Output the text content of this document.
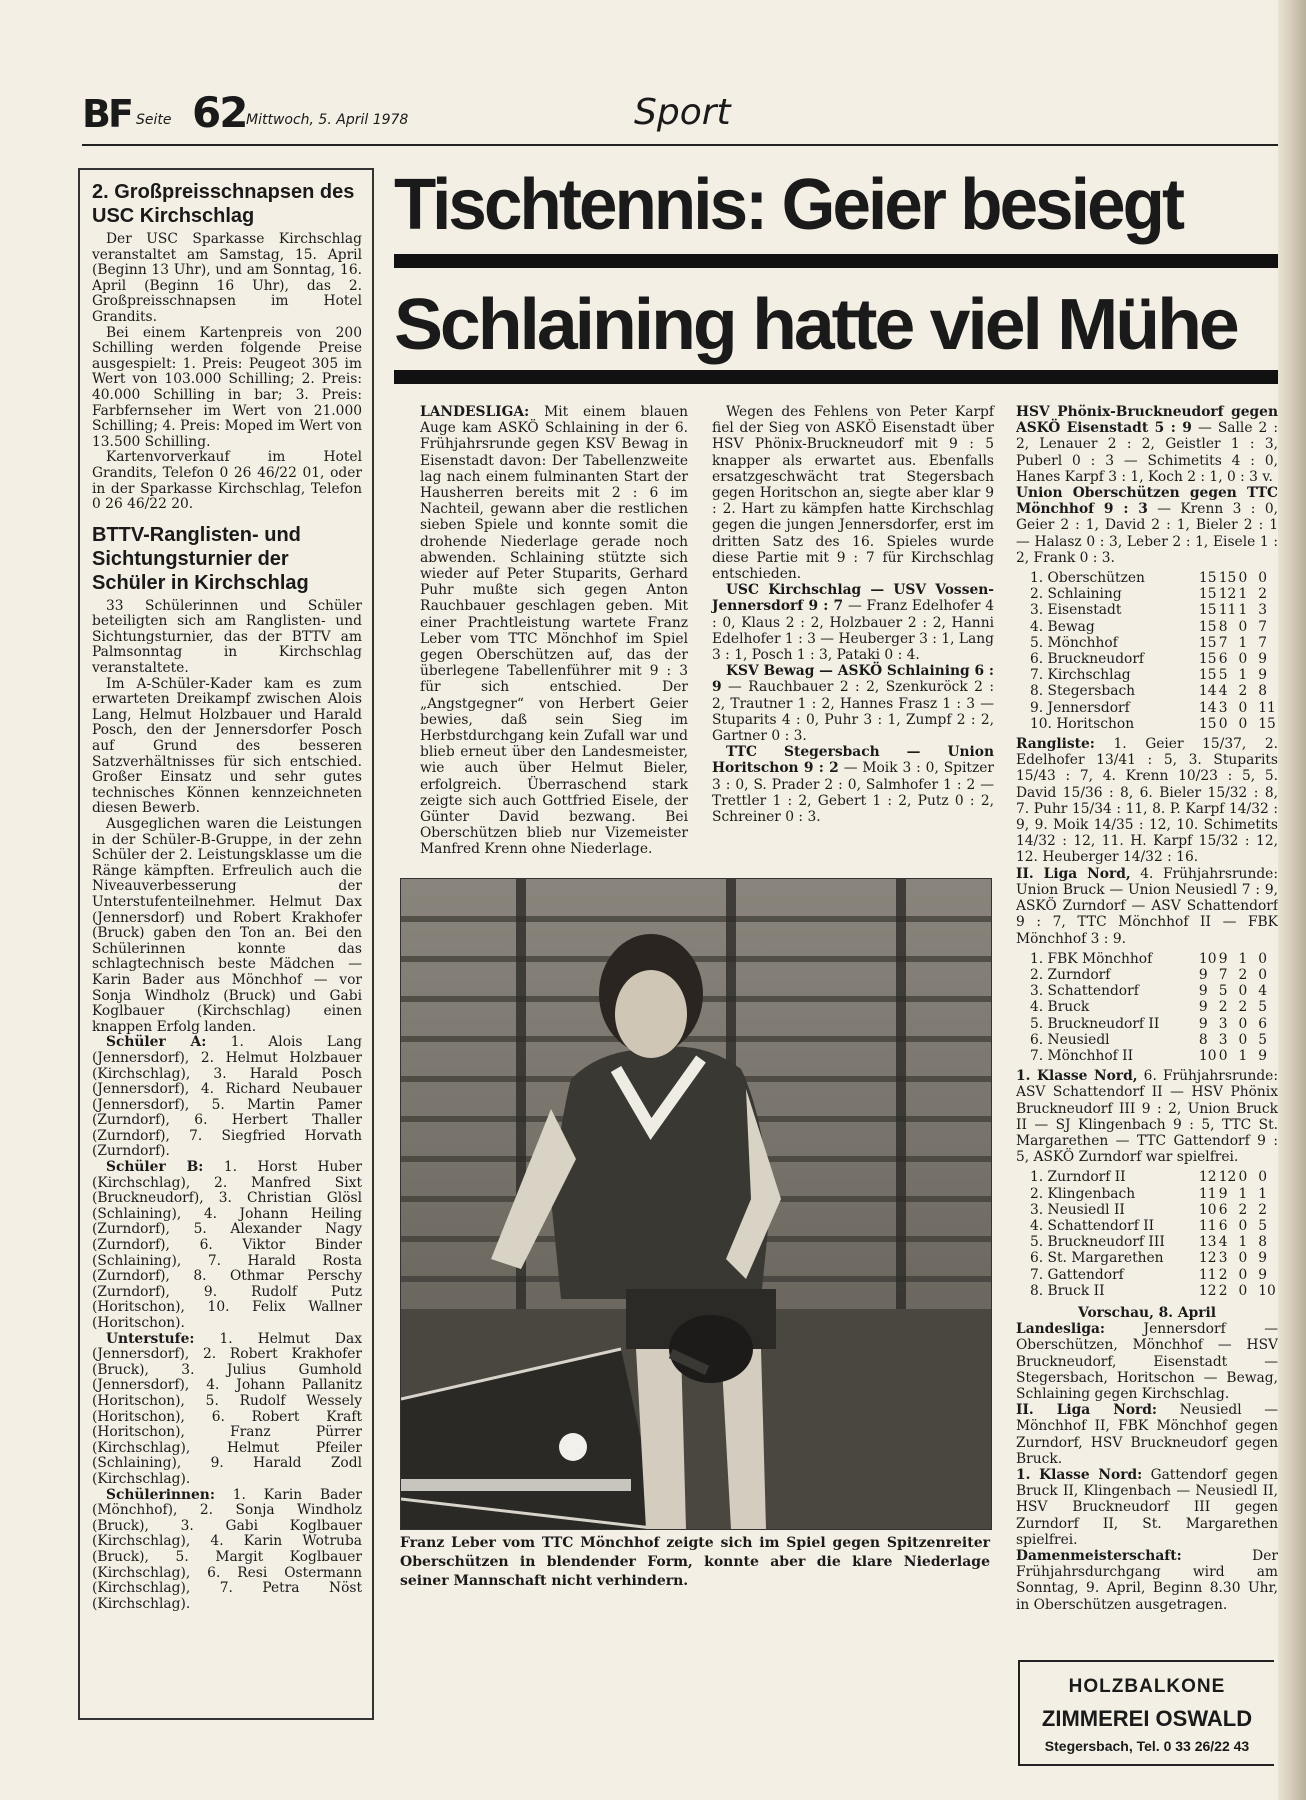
BF Seite 62 Mittwoch, 5. April 1978	Sport
2. Großpreisschnapsen des USC Kirchschlag

Der USC Sparkasse Kirchschlag veranstaltet am Samstag, 15. April (Beginn 13 Uhr), und am Sonntag, 16. April (Beginn 16 Uhr), das 2. Großpreisschnapsen im Hotel Grandits.

Bei einem Kartenpreis von 200 Schilling werden folgende Preise ausgespielt: 1. Preis: Peugeot 305 im Wert von 103.000 Schilling; 2. Preis: 40.000 Schilling in bar; 3. Preis: Farbfernseher im Wert von 21.000 Schilling; 4. Preis: Moped im Wert von 13.500 Schilling.

Kartenvorverkauf im Hotel Grandits, Telefon 0 26 46/22 01, oder in der Sparkasse Kirchschlag, Telefon 0 26 46/22 20.

BTTV-Ranglisten- und Sichtungsturnier der Schüler in Kirchschlag

33 Schülerinnen und Schüler beteiligten sich am Ranglisten- und Sichtungsturnier, das der BTTV am Palmsonntag in Kirchschlag veranstaltete.

Im A-Schüler-Kader kam es zum erwarteten Dreikampf zwischen Alois Lang, Helmut Holzbauer und Harald Posch, den der Jennersdorfer Posch auf Grund des besseren Satzverhältnisses für sich entschied. Großer Einsatz und sehr gutes technisches Können kennzeichneten diesen Bewerb.

Ausgeglichen waren die Leistungen in der Schüler-B-Gruppe, in der zehn Schüler der 2. Leistungsklasse um die Ränge kämpften. Erfreulich auch die Niveauverbesserung der Unterstufenteilnehmer. Helmut Dax (Jennersdorf) und Robert Krakhofer (Bruck) gaben den Ton an. Bei den Schülerinnen konnte das schlagtechnisch beste Mädchen — Karin Bader aus Mönchhof — vor Sonja Windholz (Bruck) und Gabi Koglbauer (Kirchschlag) einen knappen Erfolg landen.

Schüler A: 1. Alois Lang (Jennersdorf), 2. Helmut Holzbauer (Kirchschlag), 3. Harald Posch (Jennersdorf), 4. Richard Neubauer (Jennersdorf), 5. Martin Pamer (Zurndorf), 6. Herbert Thaller (Zurndorf), 7. Siegfried Horvath (Zurndorf).

Schüler B: 1. Horst Huber (Kirchschlag), 2. Manfred Sixt (Bruckneudorf), 3. Christian Glösl (Schlaining), 4. Johann Heiling (Zurndorf), 5. Alexander Nagy (Zurndorf), 6. Viktor Binder (Schlaining), 7. Harald Rosta (Zurndorf), 8. Othmar Perschy (Zurndorf), 9. Rudolf Putz (Horitschon), 10. Felix Wallner (Horitschon).

Unterstufe: 1. Helmut Dax (Jennersdorf), 2. Robert Krakhofer (Bruck), 3. Julius Gumhold (Jennersdorf), 4. Johann Pallanitz (Horitschon), 5. Rudolf Wessely (Horitschon), 6. Robert Kraft (Horitschon), Franz Pürrer (Kirchschlag), Helmut Pfeiler (Schlaining), 9. Harald Zodl (Kirchschlag).

Schülerinnen: 1. Karin Bader (Mönchhof), 2. Sonja Windholz (Bruck), 3. Gabi Koglbauer (Kirchschlag), 4. Karin Wotruba (Bruck), 5. Margit Koglbauer (Kirchschlag), 6. Resi Ostermann (Kirchschlag), 7. Petra Nöst (Kirchschlag).

Tischtennis: Geier besiegt
Schlaining hatte viel Mühe

LANDESLIGA: Mit einem blauen Auge kam ASKÖ Schlaining in der 6. Frühjahrsrunde gegen KSV Bewag in Eisenstadt davon: Der Tabellenzweite lag nach einem fulminanten Start der Hausherren bereits mit 2 : 6 im Nachteil, gewann aber die restlichen sieben Spiele und konnte somit die drohende Niederlage gerade noch abwenden. Schlaining stützte sich wieder auf Peter Stuparits, Gerhard Puhr mußte sich gegen Anton Rauchbauer geschlagen geben. Mit einer Prachtleistung wartete Franz Leber vom TTC Mönchhof im Spiel gegen Oberschützen auf, das der überlegene Tabellenführer mit 9 : 3 für sich entschied. Der „Angstgegner“ von Herbert Geier bewies, daß sein Sieg im Herbstdurchgang kein Zufall war und blieb erneut über den Landesmeister, wie auch über Helmut Bieler, erfolgreich. Überraschend stark zeigte sich auch Gottfried Eisele, der Günter David bezwang. Bei Oberschützen blieb nur Vizemeister Manfred Krenn ohne Niederlage.

Wegen des Fehlens von Peter Karpf fiel der Sieg von ASKÖ Eisenstadt über HSV Phönix-Bruckneudorf mit 9 : 5 knapper als erwartet aus. Ebenfalls ersatzgeschwächt trat Stegersbach gegen Horitschon an, siegte aber klar 9 : 2. Hart zu kämpfen hatte Kirchschlag gegen die jungen Jennersdorfer, erst im dritten Satz des 16. Spieles wurde diese Partie mit 9 : 7 für Kirchschlag entschieden.

USC Kirchschlag — USV Vossen-Jennersdorf 9 : 7 — Franz Edelhofer 4 : 0, Klaus 2 : 2, Holzbauer 2 : 2, Hanni Edelhofer 1 : 3 — Heuberger 3 : 1, Lang 3 : 1, Posch 1 : 3, Pataki 0 : 4.

KSV Bewag — ASKÖ Schlaining 6 : 9 — Rauchbauer 2 : 2, Szenkuröck 2 : 2, Trautner 1 : 2, Hannes Frasz 1 : 3 — Stuparits 4 : 0, Puhr 3 : 1, Zumpf 2 : 2, Gartner 0 : 3.

TTC Stegersbach — Union Horitschon 9 : 2 — Moik 3 : 0, Spitzer 3 : 0, S. Prader 2 : 0, Salmhofer 1 : 2 — Trettler 1 : 2, Gebert 1 : 2, Putz 0 : 2, Schreiner 0 : 3.

HSV Phönix-Bruckneudorf gegen ASKÖ Eisenstadt 5 : 9 — Salle 2 : 2, Lenauer 2 : 2, Geistler 1 : 3, Puberl 0 : 3 — Schimetits 4 : 0, Hanes Karpf 3 : 1, Koch 2 : 1, 0 : 3 v.
Union Oberschützen gegen TTC Mönchhof 9 : 3 — Krenn 3 : 0, Geier 2 : 1, David 2 : 1, Bieler 2 : 1 — Halasz 0 : 3, Leber 2 : 1, Eisele 1 : 2, Frank 0 : 3.
1. Oberschützen	15 15 0 0
2. Schlaining	15 12 1 2
3. Eisenstadt	15 11 1 3
4. Bewag	15 8 0 7
5. Mönchhof	15 7 1 7
6. Bruckneudorf	15 6 0 9
7. Kirchschlag	15 5 1 9
8. Stegersbach	14 4 2 8
9. Jennersdorf	14 3 0 11
10. Horitschon	15 0 0 15
Rangliste: 1. Geier 15/37, 2. Edelhofer 13/41 : 5, 3. Stuparits 15/43 : 7, 4. Krenn 10/23 : 5, 5. David 15/36 : 8, 6. Bieler 15/32 : 8, 7. Puhr 15/34 : 11, 8. P. Karpf 14/32 : 9, 9. Moik 14/35 : 12, 10. Schimetits 14/32 : 12, 11. H. Karpf 15/32 : 12, 12. Heuberger 14/32 : 16.
II. Liga Nord, 4. Frühjahrsrunde: Union Bruck — Union Neusiedl 7 : 9, ASKÖ Zurndorf — ASV Schattendorf 9 : 7, TTC Mönchhof II — FBK Mönchhof 3 : 9.
1. FBK Mönchhof	10 9 1 0
2. Zurndorf	9 7 2 0
3. Schattendorf	9 5 0 4
4. Bruck	9 2 2 5
5. Bruckneudorf II	9 3 0 6
6. Neusiedl	8 3 0 5
7. Mönchhof II	10 0 1 9
1. Klasse Nord, 6. Frühjahrsrunde: ASV Schattendorf II — HSV Phönix Bruckneudorf III 9 : 2, Union Bruck II — SJ Klingenbach 9 : 5, TTC St. Margarethen — TTC Gattendorf 9 : 5, ASKÖ Zurndorf war spielfrei.
1. Zurndorf II	12 12 0 0
2. Klingenbach	11 9 1 1
3. Neusiedl II	10 6 2 2
4. Schattendorf II	11 6 0 5
5. Bruckneudorf III	13 4 1 8
6. St. Margarethen	12 3 0 9
7. Gattendorf	11 2 0 9
8. Bruck II	12 2 0 10
Vorschau, 8. April
Landesliga:	Jennersdorf — Oberschützen, Mönchhof — HSV Bruckneudorf, Eisenstadt — Stegersbach, Horitschon — Bewag, Schlaining gegen Kirchschlag.
II. Liga Nord: Neusiedl — Mönchhof II, FBK Mönchhof gegen Zurndorf, HSV Bruckneudorf gegen Bruck.
1. Klasse Nord: Gattendorf gegen Bruck II, Klingenbach — Neusiedl II, HSV Bruckneudorf III gegen Zurndorf II, St. Margarethen spielfrei.
Damenmeisterschaft:	Der Frühjahrsdurchgang wird am Sonntag, 9. April, Beginn 8.30 Uhr, in Oberschützen ausgetragen.
Franz Leber vom TTC Mönchhof zeigte sich im Spiel gegen Spitzenreiter Oberschützen in blendender Form, konnte aber die klare Niederlage seiner Mannschaft nicht verhindern.
HOLZBALKONE
ZIMMEREI OSWALD
Stegersbach, Tel. 0 33 26/22 43
